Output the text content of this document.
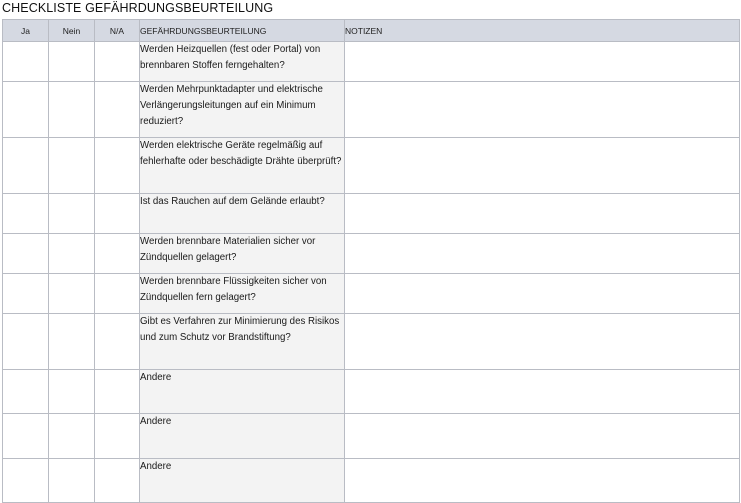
CHECKLISTE GEFÄHRDUNGSBEURTEILUNG
Ja	Nein	N/A	GEFÄHRDUNGSBEURTEILUNG	NOTIZEN
			Werden Heizquellen (fest oder Portal) von brennbaren Stoffen ferngehalten?	
			Werden Mehrpunktadapter und elektrische Verlängerungsleitungen auf ein Minimum reduziert?	
			Werden elektrische Geräte regelmäßig auf fehlerhafte oder beschädigte Drähte überprüft?	
			Ist das Rauchen auf dem Gelände erlaubt?	
			Werden brennbare Materialien sicher vor Zündquellen gelagert?	
			Werden brennbare Flüssigkeiten sicher von Zündquellen fern gelagert?	
			Gibt es Verfahren zur Minimierung des Risikos und zum Schutz vor Brandstiftung?	
			Andere	
			Andere	
			Andere	
